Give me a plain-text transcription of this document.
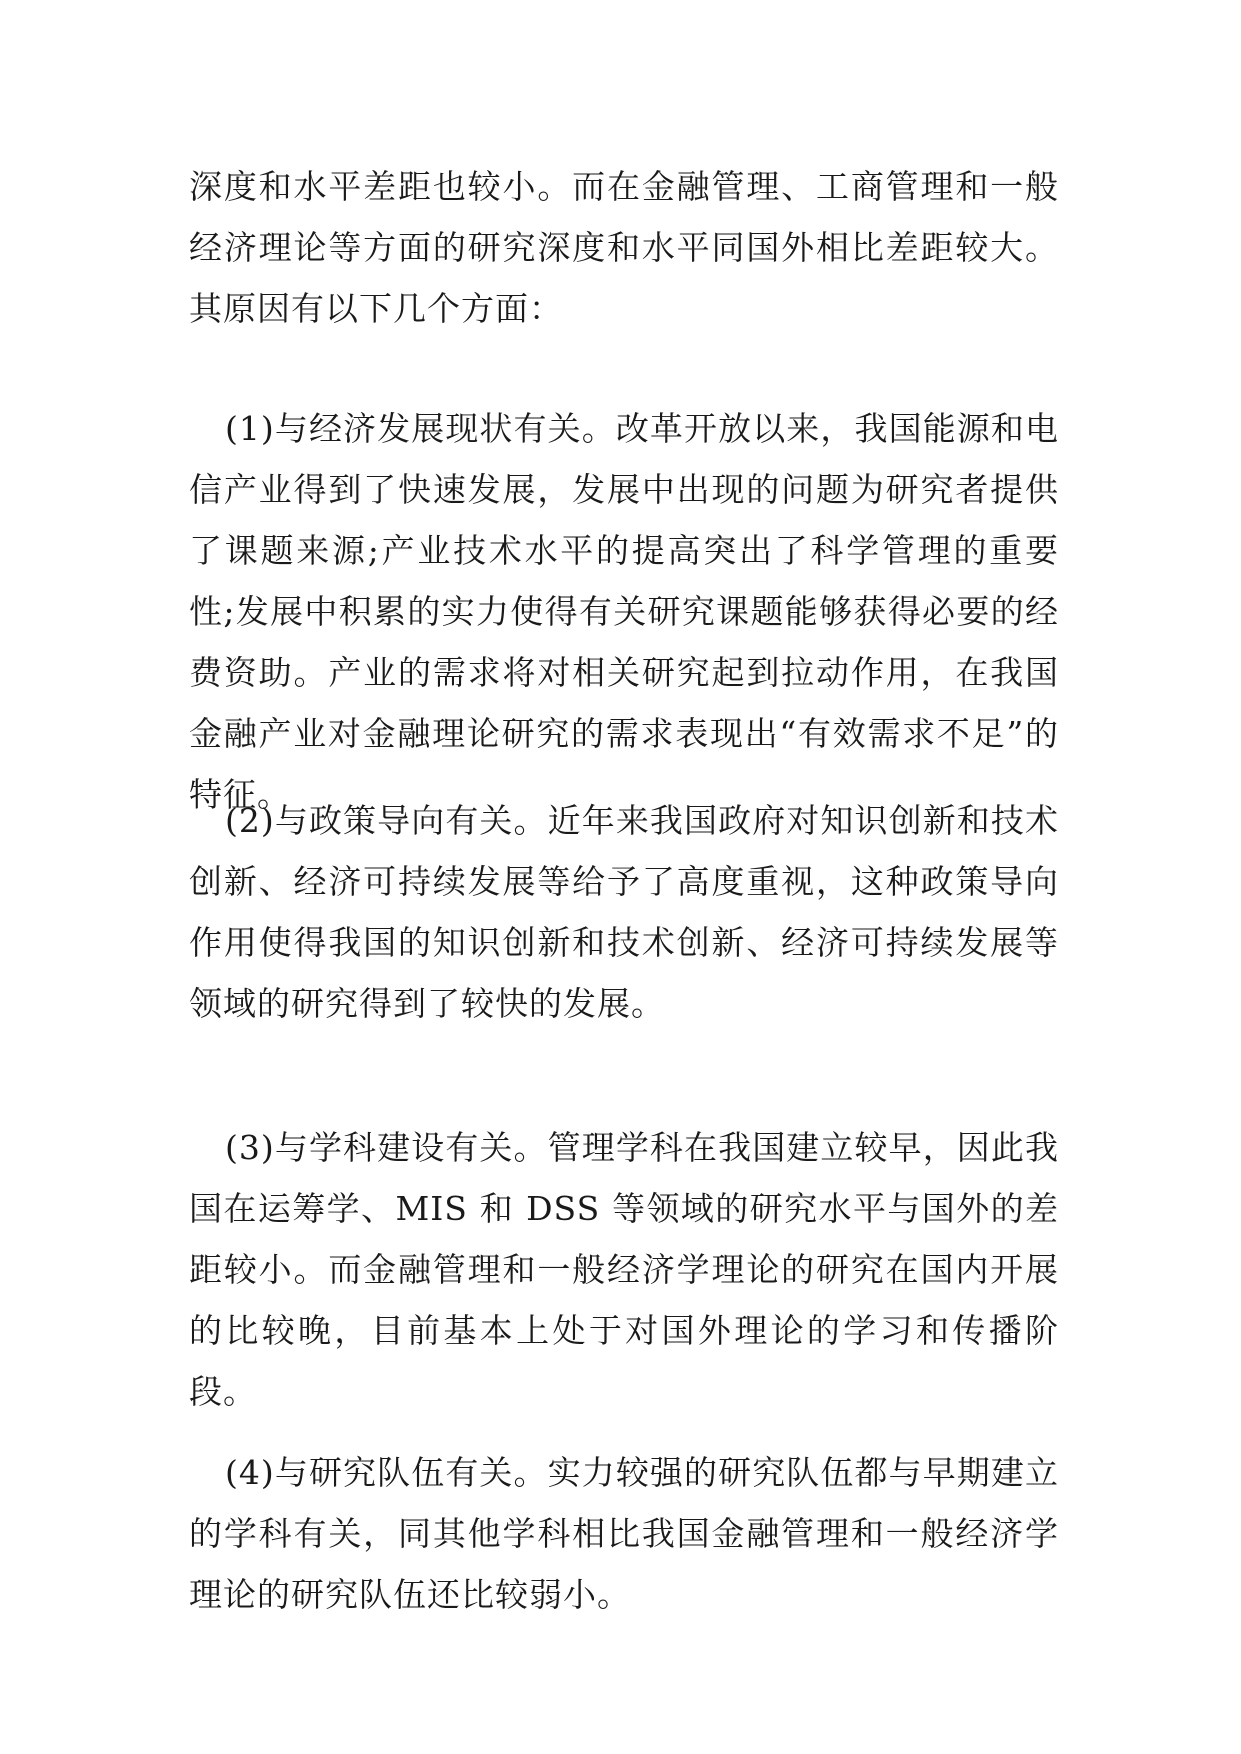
深度和水平差距也较小。而在金融管理、工商管理和一般经济理论等方面的研究深度和水平同国外相比差距较大。其原因有以下几个方面：

(1)与经济发展现状有关。改革开放以来，我国能源和电信产业得到了快速发展，发展中出现的问题为研究者提供了课题来源;产业技术水平的提高突出了科学管理的重要性;发展中积累的实力使得有关研究课题能够获得必要的经费资助。产业的需求将对相关研究起到拉动作用，在我国金融产业对金融理论研究的需求表现出“有效需求不足”的特征。

(2)与政策导向有关。近年来我国政府对知识创新和技术创新、经济可持续发展等给予了高度重视，这种政策导向作用使得我国的知识创新和技术创新、经济可持续发展等领域的研究得到了较快的发展。

(3)与学科建设有关。管理学科在我国建立较早，因此我国在运筹学、MIS 和 DSS 等领域的研究水平与国外的差距较小。而金融管理和一般经济学理论的研究在国内开展的比较晚，目前基本上处于对国外理论的学习和传播阶段。

(4)与研究队伍有关。实力较强的研究队伍都与早期建立的学科有关，同其他学科相比我国金融管理和一般经济学理论的研究队伍还比较弱小。
